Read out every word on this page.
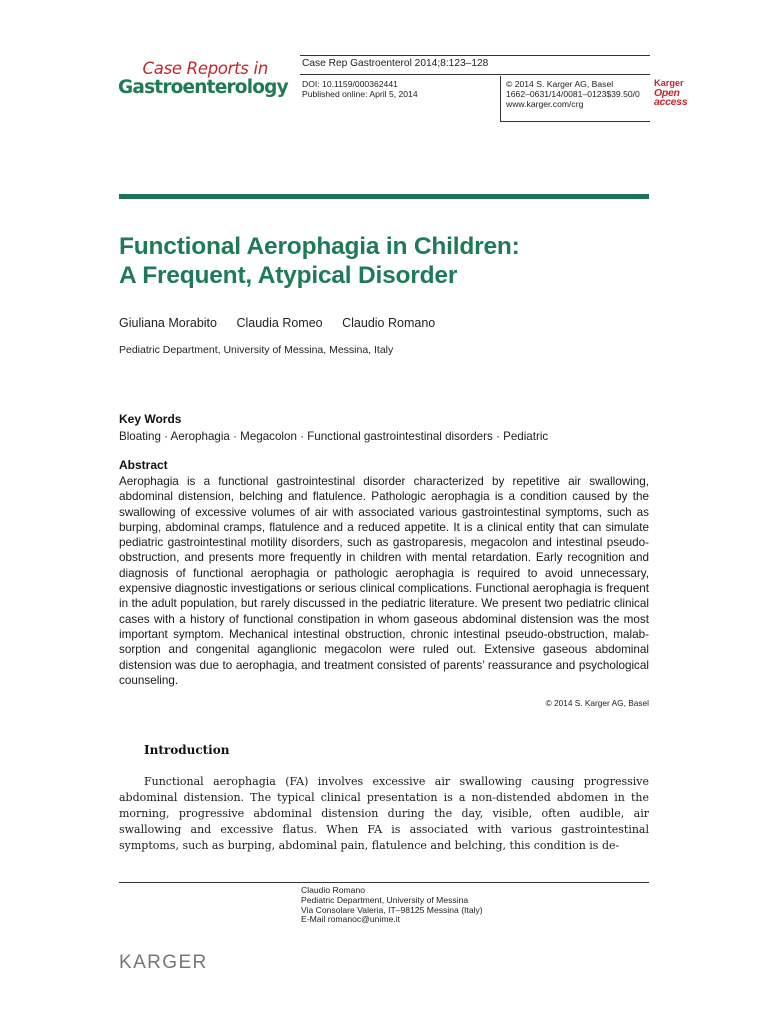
Case Reports in
Gastroenterology
Case Rep Gastroenterol 2014;8:123–128
DOI: 10.1159/000362441
Published online: April 5, 2014
© 2014 S. Karger AG, Basel
1662–0631/14/0081–0123$39.50/0
www.karger.com/crg
Karger
Open access
Functional Aerophagia in Children:
A Frequent, Atypical Disorder
Giuliana Morabito Claudia Romeo Claudio Romano
Pediatric Department, University of Messina, Messina, Italy
Key Words
Bloating · Aerophagia · Megacolon · Functional gastrointestinal disorders · Pediatric
Abstract

Aerophagia is a functional gastrointestinal disorder characterized by repetitive air swallowing, abdominal distension, belching and flatulence. Pathologic aerophagia is a condition caused by the swallowing of excessive volumes of air with associated various gastrointestinal symptoms, such as burping, abdominal cramps, flatulence and a reduced appetite. It is a clinical entity that can simulate pediatric gastrointestinal motility disorders, such as gastroparesis, megacolon and intestinal pseudo-obstruction, and presents more frequently in children with mental retardation. Early recognition and diagnosis of functional aerophagia or pathologic aerophagia is required to avoid unnecessary, expensive diagnostic investigations or serious clinical complications. Functional aerophagia is frequent in the adult population, but rarely discussed in the pediatric literature. We present two pediatric clinical cases with a history of functional constipation in whom gaseous abdominal distension was the most important symptom. Mechanical intestinal obstruction, chronic intestinal pseudo-obstruction, malabsorption and congenital aganglionic megacolon were ruled out. Extensive gaseous abdominal distension was due to aerophagia, and treatment consisted of parents’ reassurance and psychological counseling.

© 2014 S. Karger AG, Basel
Introduction

Functional aerophagia (FA) involves excessive air swallowing causing progressive abdominal distension. The typical clinical presentation is a non-distended abdomen in the morning, progressive abdominal distension during the day, visible, often audible, air swallowing and excessive flatus. When FA is associated with various gastrointestinal symptoms, such as burping, abdominal pain, flatulence and belching, this condition is de-

Claudio Romano
Pediatric Department, University of Messina
Via Consolare Valeria, IT–98125 Messina (Italy)
E-Mail romanoc@unime.it
KARGER
